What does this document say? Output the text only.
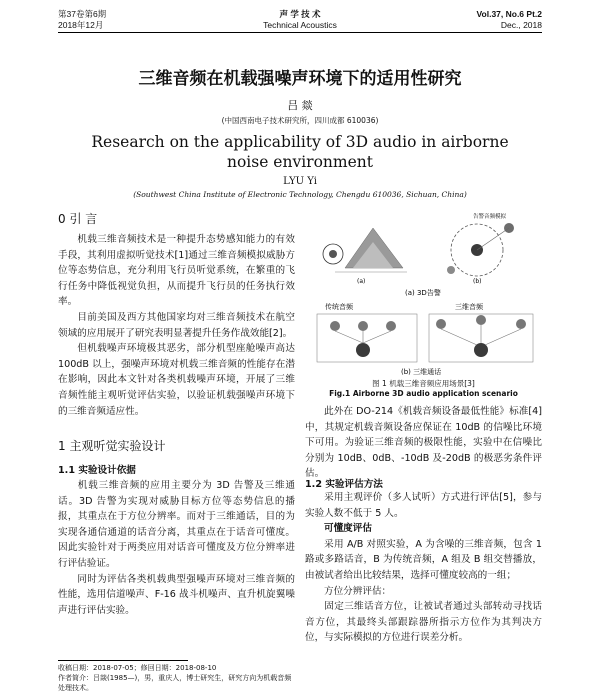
第37卷第6期
2018年12月
声 学 技 术
Technical Acoustics
Vol.37, No.6 Pt.2
Dec., 2018
三维音频在机载强噪声环境下的适用性研究
吕 燚
(中国西南电子技术研究所，四川成都 610036)
Research on the applicability of 3D audio in airborne
noise environment
LYU Yi
(Southwest China Institute of Electronic Technology, Chengdu 610036, Sichuan, China)
0 引 言
机载三维音频技术是一种提升态势感知能力的有效手段，其利用虚拟听觉技术[1]通过三维音频模拟威胁方位等态势信息，充分利用飞行员听觉系统，在繁重的飞行任务中降低视觉负担，从而提升飞行员的任务执行效率。
目前美国及西方其他国家均对三维音频技术在航空领域的应用展开了研究表明显著提升任务作战效能[2]。
但机载噪声环境极其恶劣，部分机型座舱噪声高达 100dB 以上，强噪声环境对机载三维音频的性能存在潜在影响，因此本文针对各类机载噪声环境，开展了三维音频性能主观听觉评估实验，以验证机载强噪声环境下的三维音频适应性。
1 主观听觉实验设计
1.1 实验设计依据
机载三维音频的应用主要分为 3D 告警及三维通话。3D 告警为实现对威胁目标方位等态势信息的播报，其重点在于方位分辨率。而对于三维通话，目的为实现各通信通道的话音分离，其重点在于话音可懂度。因此实验针对于两类应用对话音可懂度及方位分辨率进行评估验证。
同时为评估各类机载典型强噪声环境对三维音频的性能，选用信道噪声、F-16 战斗机噪声、直升机旋翼噪声进行评估实验。
收稿日期：2018-07-05；修回日期：2018-08-10
作者简介：吕燚(1985—)，男，重庆人，博士研究生，研究方向为机载音频处理技术。
(a)
告警音频模拟
(b)
(a) 3D告警
传统音频	三维音频
(b) 三维通话
图 1 机载三维音频应用场景[3]
Fig.1 Airborne 3D audio application scenario
此外在 DO-214《机载音频设备最低性能》标准[4]中，其规定机载音频设备应保证在 10dB 的信噪比环境下可用。为验证三维音频的极限性能，实验中在信噪比分别为 10dB、0dB、-10dB 及-20dB 的极恶劣条件评估。
1.2 实验评估方法
采用主观评价（多人试听）方式进行评估[5]，参与实验人数不低于 5 人。
可懂度评估
采用 A/B 对照实验，A 为含噪的三维音频，包含 1 路或多路话音，B 为传统音频，A 组及 B 组交替播放，由被试者给出比较结果，选择可懂度较高的一组；
方位分辨评估：
固定三维话音方位，让被试者通过头部转动寻找话音方位，其最终头部跟踪器所指示方位作为其判决方位，与实际模拟的方位进行误差分析。
